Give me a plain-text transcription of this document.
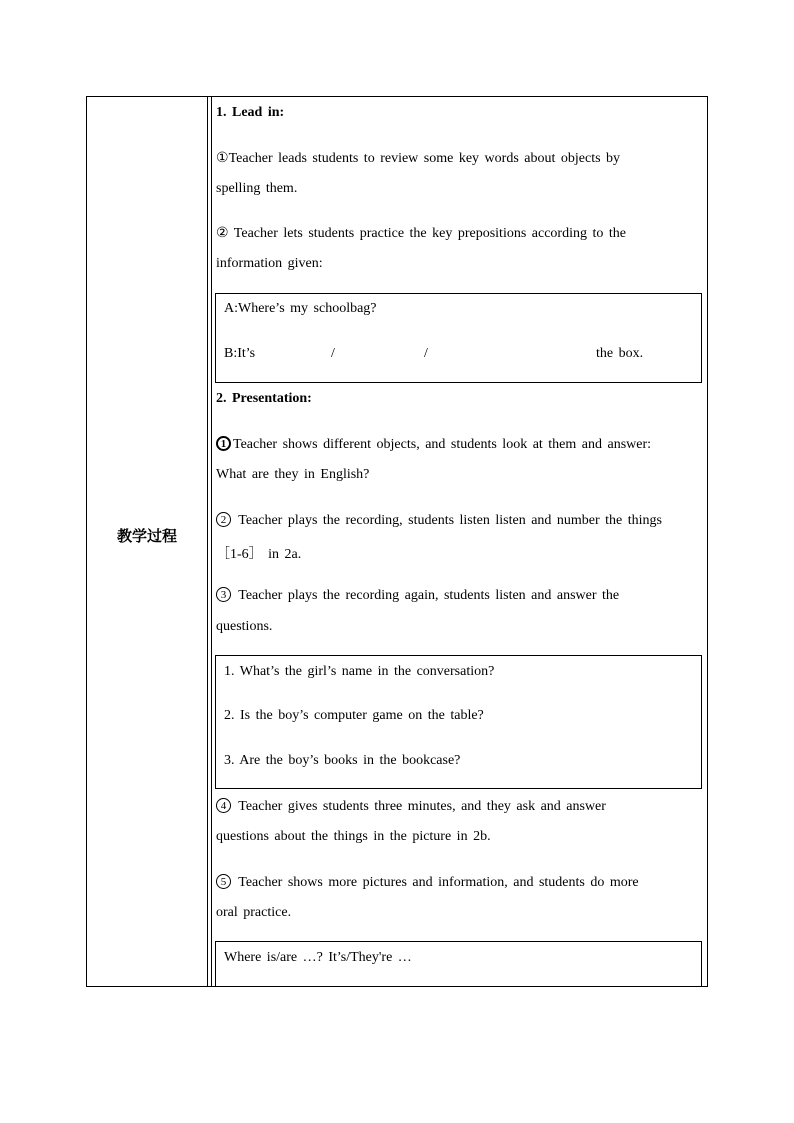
教学过程
1. Lead in:
①Teacher leads students to review some key words about objects by
spelling them.
② Teacher lets students practice the key prepositions according to the
information given:
A:Where’s my schoolbag?
B:It’s	/	/	the box.
2. Presentation:
1 Teacher shows different objects, and students look at them and answer:
What are they in English?
2 Teacher plays the recording, students listen listen and number the things
［1-6］ in 2a.
3 Teacher plays the recording again, students listen and answer the
questions.
1. What’s the girl’s name in the conversation?
2. Is the boy’s computer game on the table?
3. Are the boy’s books in the bookcase?
4 Teacher gives students three minutes, and they ask and answer
questions about the things in the picture in 2b.
5 Teacher shows more pictures and information, and students do more
oral practice.
Where is/are …? It’s/They're …
